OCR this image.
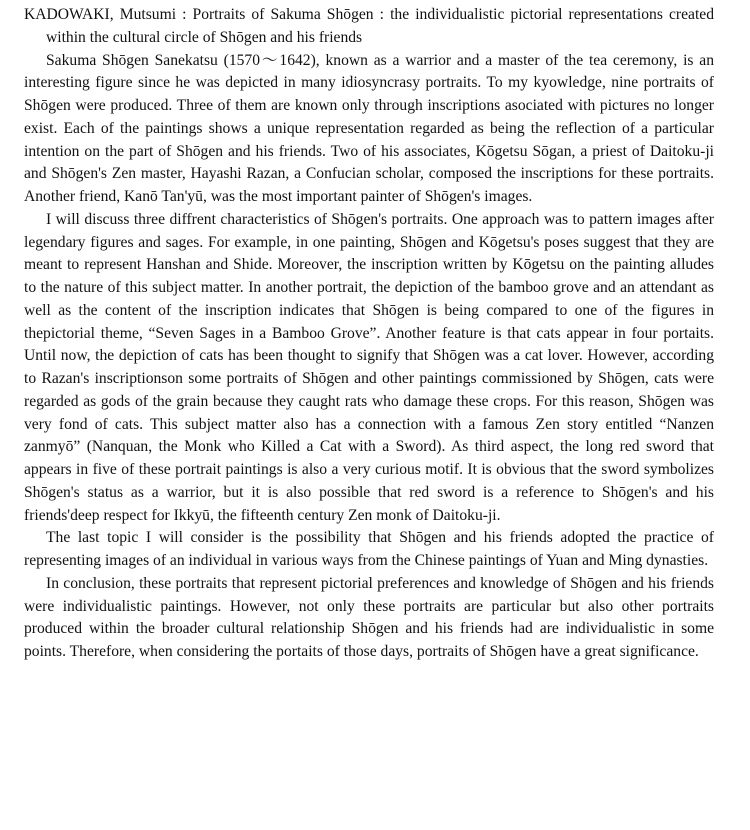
KADOWAKI, Mutsumi : Portraits of Sakuma Shōgen : the individualistic pictorial representations created within the cultural circle of Shōgen and his friends

Sakuma Shōgen Sanekatsu (1570〜1642), known as a warrior and a master of the tea ceremony, is an interesting figure since he was depicted in many idiosyncrasy portraits. To my kyowledge, nine portraits of Shōgen were produced. Three of them are known only through inscriptions asociated with pictures no longer exist. Each of the paintings shows a unique representation regarded as being the reflection of a particular intention on the part of Shōgen and his friends. Two of his associates, Kōgetsu Sōgan, a priest of Daitoku-ji and Shōgen's Zen master, Hayashi Razan, a Confucian scholar, composed the inscriptions for these portraits. Another friend, Kanō Tan'yū, was the most important painter of Shōgen's images.

I will discuss three diffrent characteristics of Shōgen's portraits. One approach was to pattern images after legendary figures and sages. For example, in one painting, Shōgen and Kōgetsu's poses suggest that they are meant to represent Hanshan and Shide. Moreover, the inscription written by Kōgetsu on the painting alludes to the nature of this subject matter. In another portrait, the depiction of the bamboo grove and an attendant as well as the content of the inscription indicates that Shōgen is being compared to one of the figures in thepictorial theme, “Seven Sages in a Bamboo Grove”. Another feature is that cats appear in four portaits. Until now, the depiction of cats has been thought to signify that Shōgen was a cat lover. However, according to Razan's inscriptionson some portraits of Shōgen and other paintings commissioned by Shōgen, cats were regarded as gods of the grain because they caught rats who damage these crops. For this reason, Shōgen was very fond of cats. This subject matter also has a connection with a famous Zen story entitled “Nanzen zanmyō” (Nanquan, the Monk who Killed a Cat with a Sword). As third aspect, the long red sword that appears in five of these portrait paintings is also a very curious motif. It is obvious that the sword symbolizes Shōgen's status as a warrior, but it is also possible that red sword is a reference to Shōgen's and his friends'deep respect for Ikkyū, the fifteenth century Zen monk of Daitoku-ji.

The last topic I will consider is the possibility that Shōgen and his friends adopted the practice of representing images of an individual in various ways from the Chinese paintings of Yuan and Ming dynasties.

In conclusion, these portraits that represent pictorial preferences and knowledge of Shōgen and his friends were individualistic paintings. However, not only these portraits are particular but also other portraits produced within the broader cultural relationship Shōgen and his friends had are individualistic in some points. Therefore, when considering the portaits of those days, portraits of Shōgen have a great significance.
